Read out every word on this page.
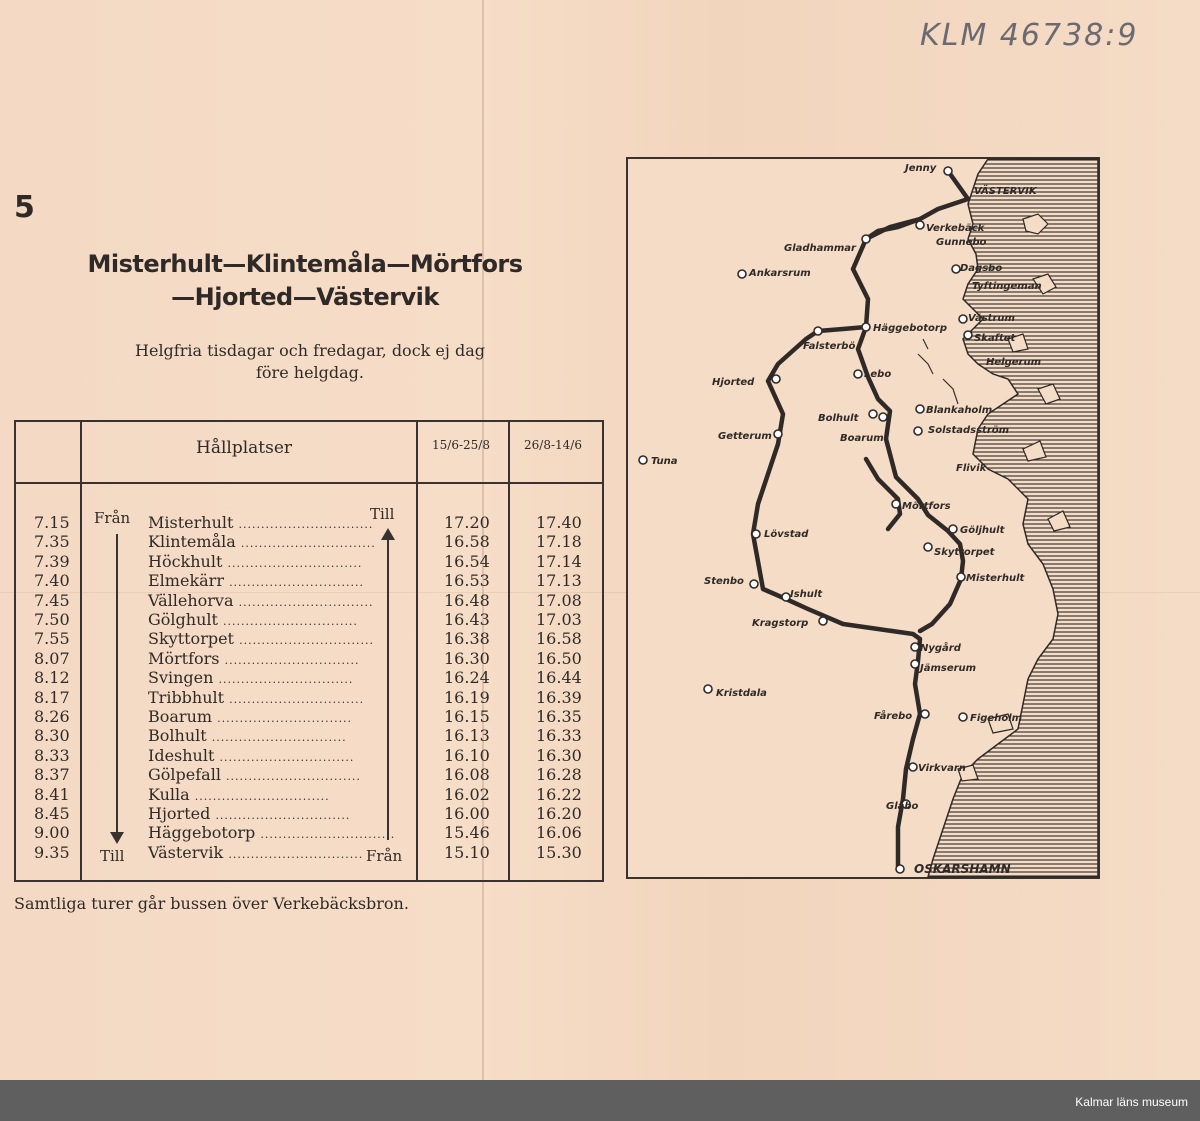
KLM 46738:9
5
Misterhult—Klintemåla—Mörtfors
—Hjorted—Västervik
Helgfria tisdagar och fredagar, dock ej dag
före helgdag.
Hållplatser	15/6-25/8	26/8-14/6
Från	Till
Till	Från
7.15	Misterhult ..............................	17.20	17.40
7.35	Klintemåla ..............................	16.58	17.18
7.39	Höckhult ..............................	16.54	17.14
7.40	Elmekärr ..............................	16.53	17.13
7.45	Vällehorva ..............................	16.48	17.08
7.50	Gölghult ..............................	16.43	17.03
7.55	Skyttorpet ..............................	16.38	16.58
8.07	Mörtfors ..............................	16.30	16.50
8.12	Svingen ..............................	16.24	16.44
8.17	Tribbhult ..............................	16.19	16.39
8.26	Boarum ..............................	16.15	16.35
8.30	Bolhult ..............................	16.13	16.33
8.33	Ideshult ..............................	16.10	16.30
8.37	Gölpefall ..............................	16.08	16.28
8.41	Kulla ..............................	16.02	16.22
8.45	Hjorted ..............................	16.00	16.20
9.00	Häggebotorp ..............................	15.46	16.06
9.35	Västervik ..............................	15.10	15.30
Samtliga turer går bussen över Verkebäcksbron.
Jenny
VÄSTERVIK
Verkebäck
Gunnebo
Gladhammar
Dagsbo
Ankarsrum
Tyftingeman
Västrum
Häggebotorp
Skaftet
Falsterbö
Helgerum
Lebo
Hjorted
Blankaholm
Bolhult
Solstadsström
Getterum	Boarum
Tuna
Flivik
Mörtfors
Göljhult
Lövstad
Skyttorpet
Misterhult
Stenbo
Ishult
Kragstorp
Nygård
Jämserum
Kristdala
Fårebo	Figeholm
Virkvarn
Glabo
OSKARSHAMN
Kalmar läns museum
